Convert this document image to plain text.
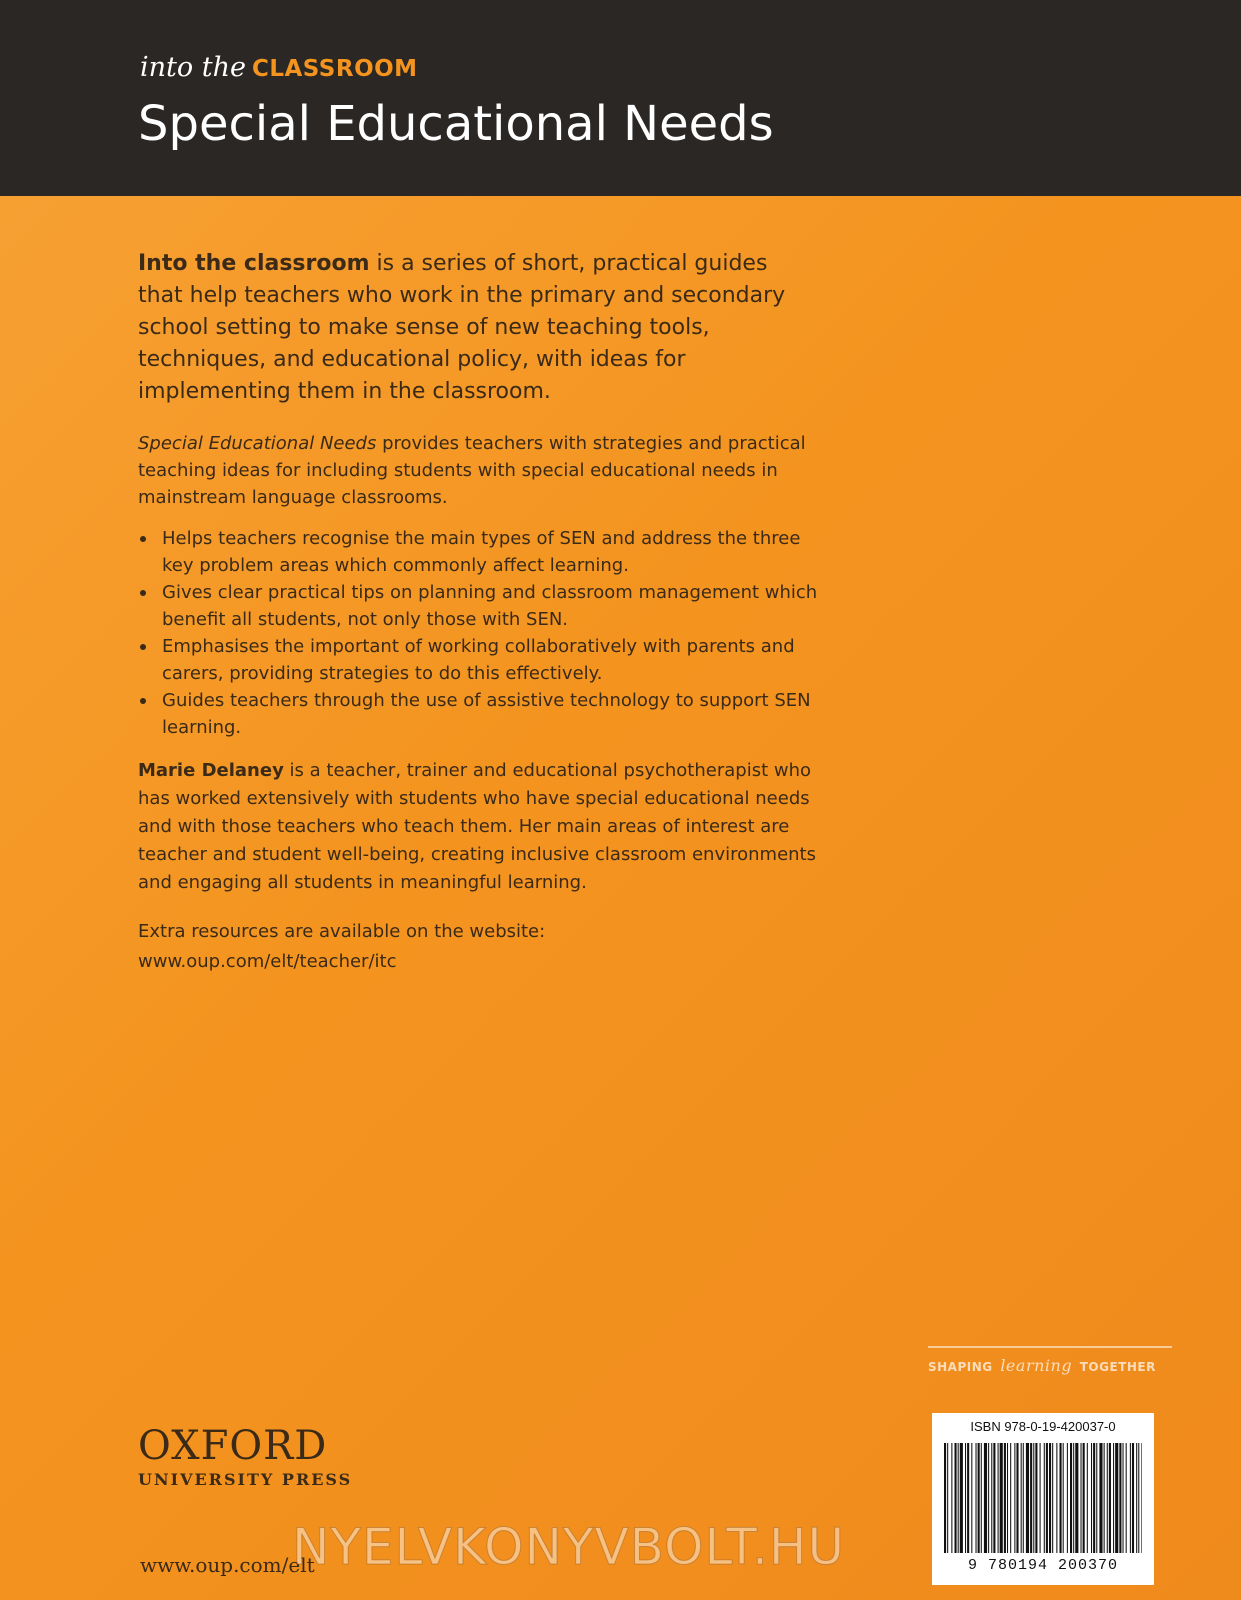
into the CLASSROOM
Special Educational Needs

Into the classroom is a series of short, practical guides that help teachers who work in the primary and secondary school setting to make sense of new teaching tools, techniques, and educational policy, with ideas for implementing them in the classroom.

Special Educational Needs provides teachers with strategies and practical teaching ideas for including students with special educational needs in mainstream language classrooms.

Helps teachers recognise the main types of SEN and address the three key problem areas which commonly affect learning.
Gives clear practical tips on planning and classroom management which benefit all students, not only those with SEN.
Emphasises the important of working collaboratively with parents and carers, providing strategies to do this effectively.
Guides teachers through the use of assistive technology to support SEN learning.

Marie Delaney is a teacher, trainer and educational psychotherapist who has worked extensively with students who have special educational needs and with those teachers who teach them. Her main areas of interest are teacher and student well-being, creating inclusive classroom environments and engaging all students in meaningful learning.

Extra resources are available on the website:
www.oup.com/elt/teacher/itc

SHAPING learning TOGETHER
OXFORD
UNIVERSITY PRESS
www.oup.com/elt
ISBN 978-0-19-420037-0
9 780194 200370
NYELVKONYVBOLT.HU
